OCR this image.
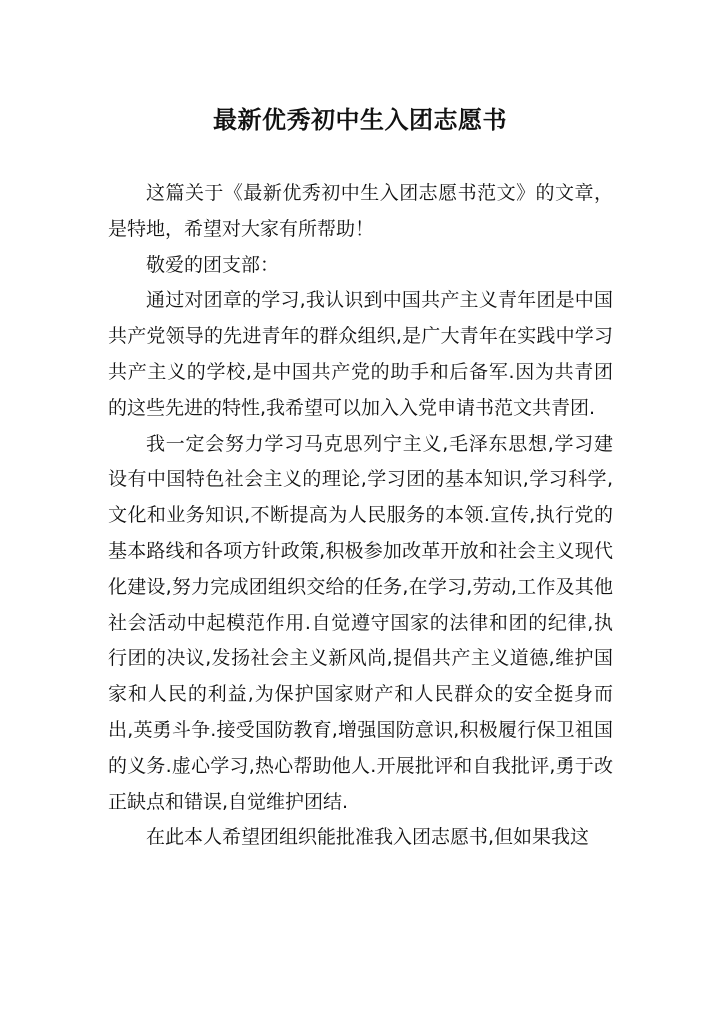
最新优秀初中生入团志愿书

这篇关于《最新优秀初中生入团志愿书范文》的文章，是特地，希望对大家有所帮助！

敬爱的团支部：

通过对团章的学习,我认识到中国共产主义青年团是中国共产党领导的先进青年的群众组织,是广大青年在实践中学习共产主义的学校,是中国共产党的助手和后备军.因为共青团的这些先进的特性,我希望可以加入入党申请书范文共青团.

我一定会努力学习马克思列宁主义,毛泽东思想,学习建设有中国特色社会主义的理论,学习团的基本知识,学习科学,文化和业务知识,不断提高为人民服务的本领.宣传,执行党的基本路线和各项方针政策,积极参加改革开放和社会主义现代化建设,努力完成团组织交给的任务,在学习,劳动,工作及其他社会活动中起模范作用.自觉遵守国家的法律和团的纪律,执行团的决议,发扬社会主义新风尚,提倡共产主义道德,维护国家和人民的利益,为保护国家财产和人民群众的安全挺身而出,英勇斗争.接受国防教育,增强国防意识,积极履行保卫祖国的义务.虚心学习,热心帮助他人.开展批评和自我批评,勇于改正缺点和错误,自觉维护团结.

在此本人希望团组织能批准我入团志愿书,但如果我这
